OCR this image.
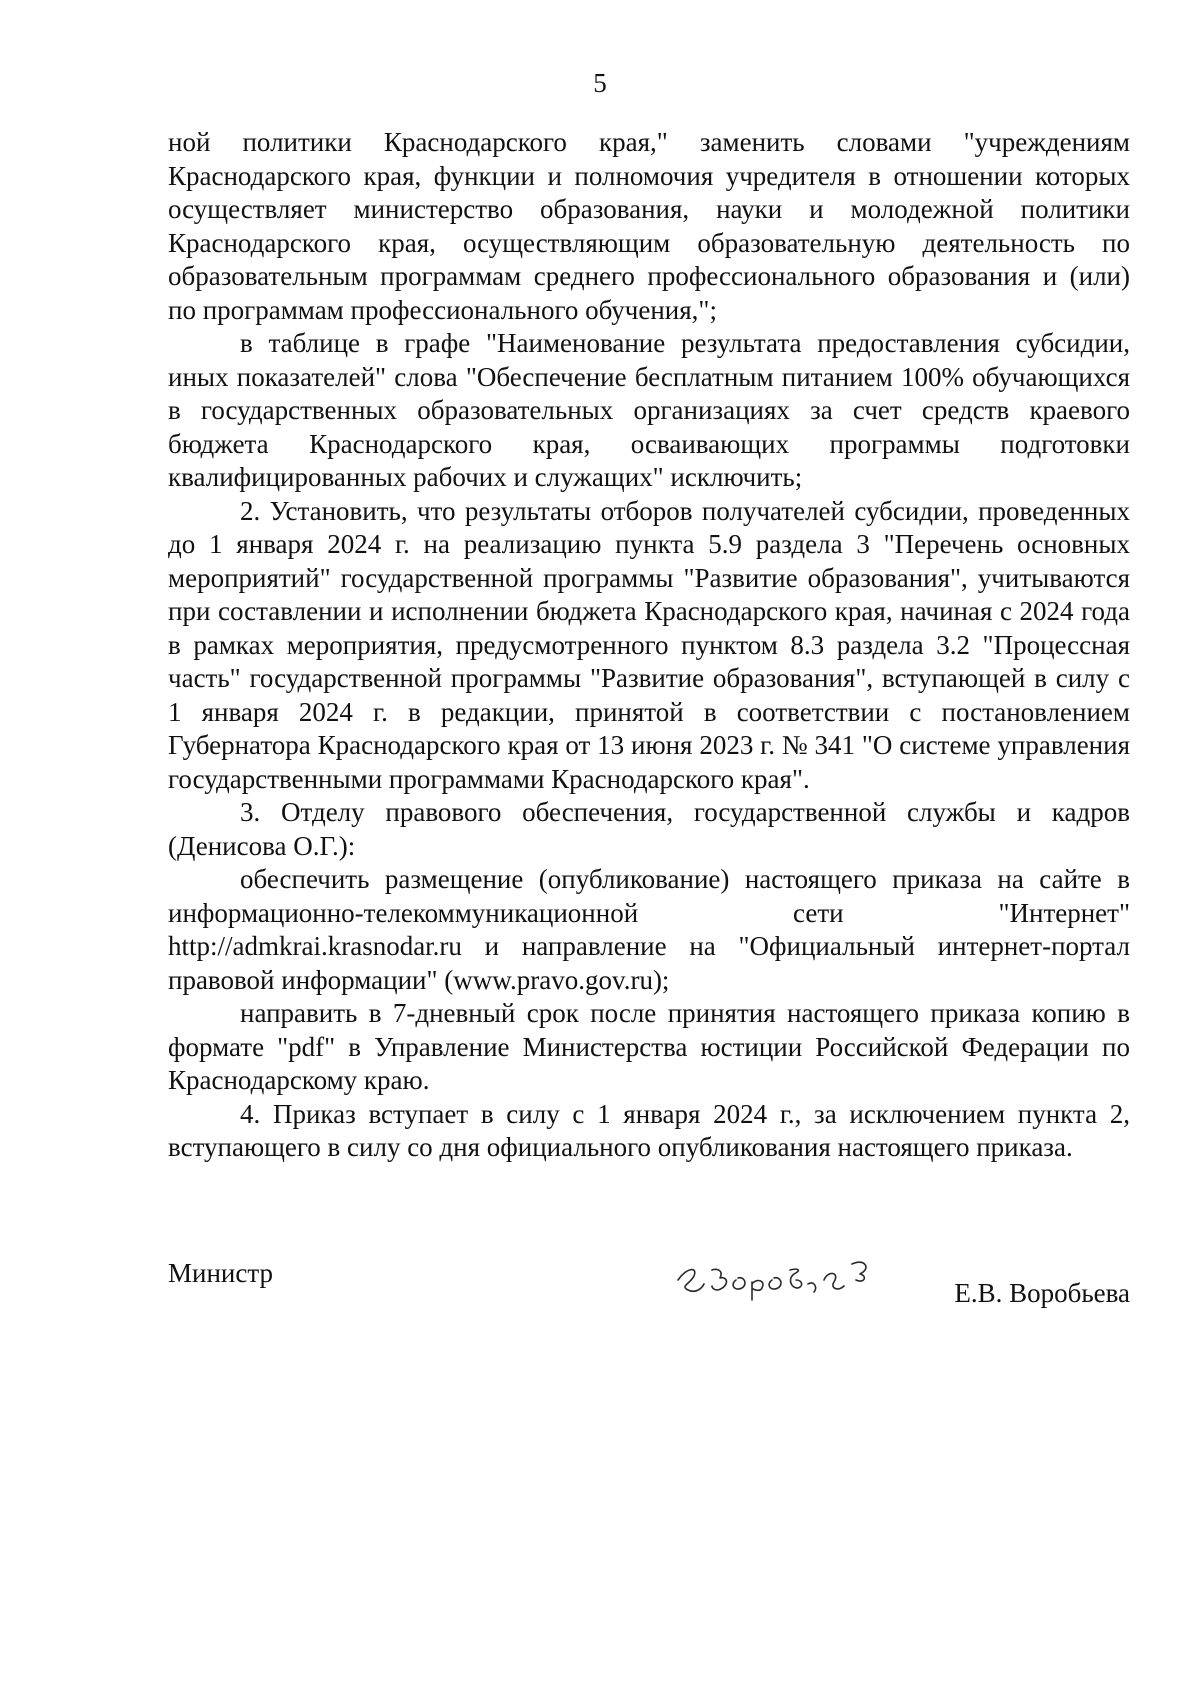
5

ной политики Краснодарского края," заменить словами "учреждениям Краснодарского края, функции и полномочия учредителя в отношении которых осуществляет министерство образования, науки и молодежной политики Краснодарского края, осуществляющим образовательную деятельность по образовательным программам среднего профессионального образования и (или) по программам профессионального обучения,";

в таблице в графе "Наименование результата предоставления субсидии, иных показателей" слова "Обеспечение бесплатным питанием 100% обучающихся в государственных образовательных организациях за счет средств краевого бюджета Краснодарского края, осваивающих программы подготовки квалифицированных рабочих и служащих" исключить;

2. Установить, что результаты отборов получателей субсидии, проведенных до 1 января 2024 г. на реализацию пункта 5.9 раздела 3 "Перечень основных мероприятий" государственной программы "Развитие образования", учитываются при составлении и исполнении бюджета Краснодарского края, начиная с 2024 года в рамках мероприятия, предусмотренного пунктом 8.3 раздела 3.2 "Процессная часть" государственной программы "Развитие образования", вступающей в силу с 1 января 2024 г. в редакции, принятой в соответствии с постановлением Губернатора Краснодарского края от 13 июня 2023 г. № 341 "О системе управления государственными программами Краснодарского края".

3. Отделу правового обеспечения, государственной службы и кадров (Денисова О.Г.):

обеспечить размещение (опубликование) настоящего приказа на сайте в информационно-телекоммуникационной сети "Интернет" http://admkrai.krasnodar.ru и направление на "Официальный интернет-портал правовой информации" (www.pravo.gov.ru);

направить в 7-дневный срок после принятия настоящего приказа копию в формате "pdf" в Управление Министерства юстиции Российской Федерации по Краснодарскому краю.

4. Приказ вступает в силу с 1 января 2024 г., за исключением пункта 2, вступающего в силу со дня официального опубликования настоящего приказа.

Министр
Е.В. Воробьева
